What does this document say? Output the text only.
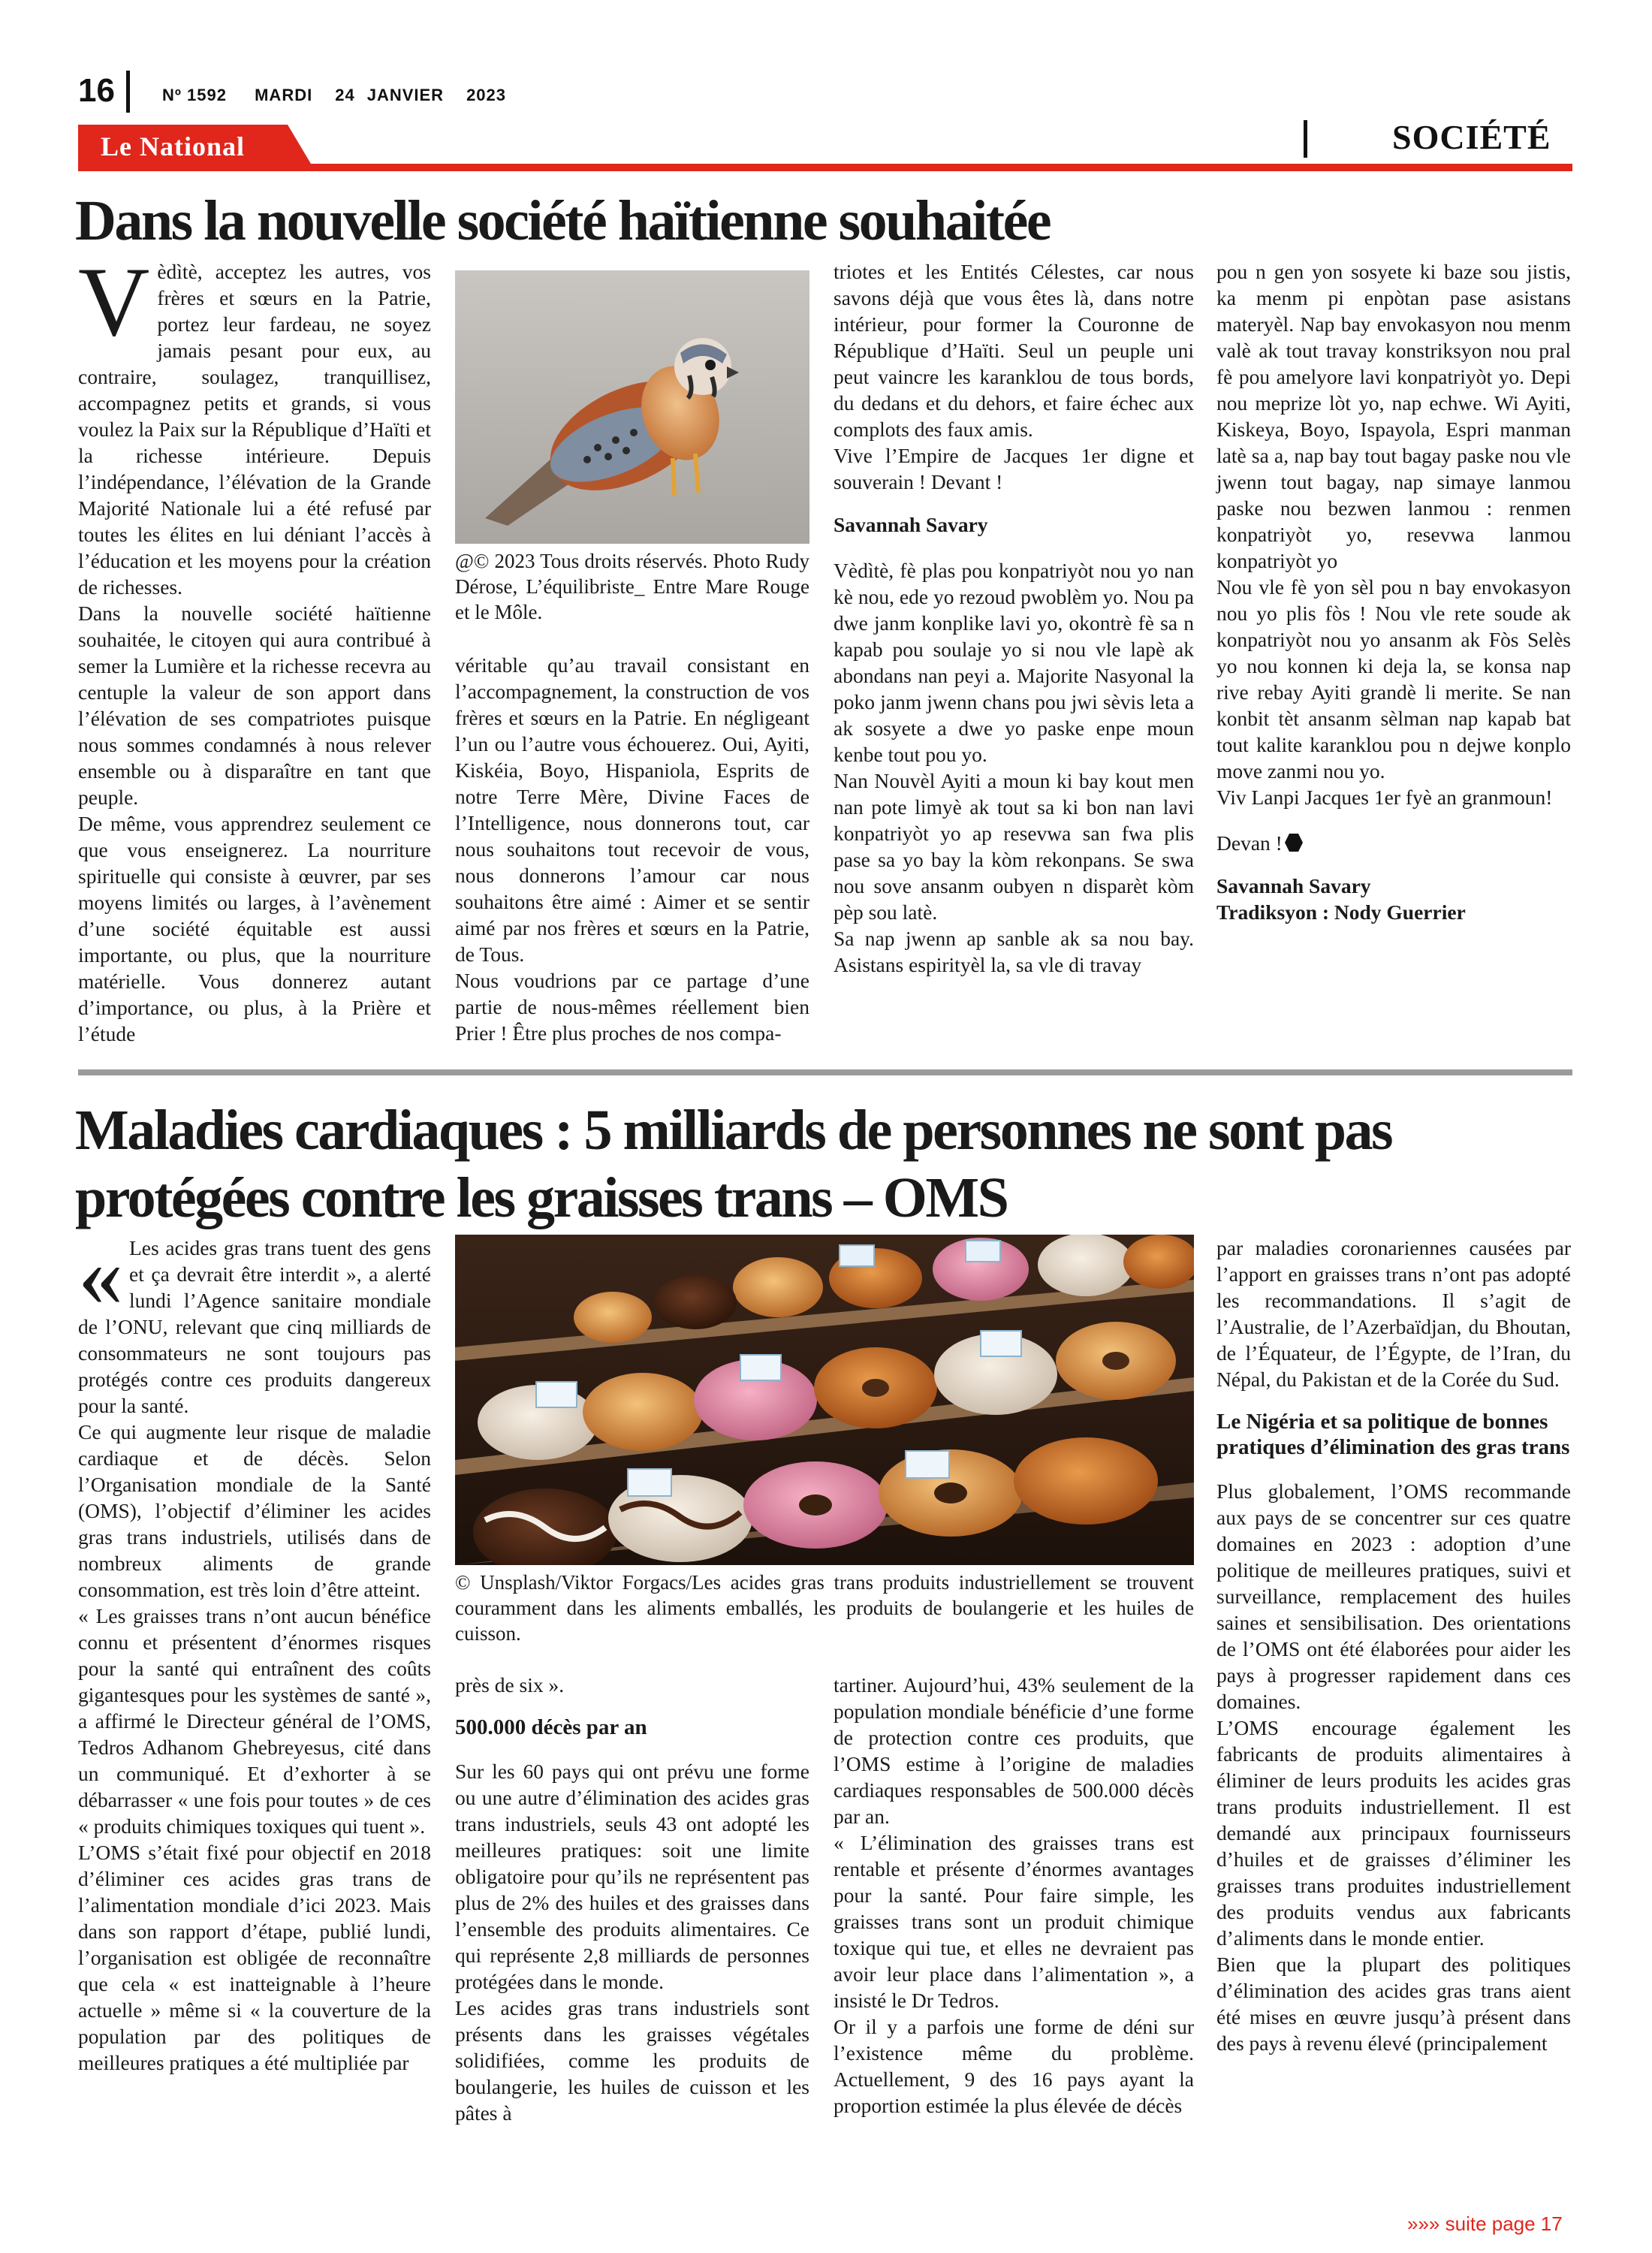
16	Nº 1592 MARDI 24 JANVIER 2023
Le National	SOCIÉTÉ
Dans la nouvelle société haïtienne souhaitée

Vèdìtè, acceptez les autres, vos frères et sœurs en la Patrie, portez leur fardeau, ne soyez jamais pesant pour eux, au contraire, soulagez, tranquillisez, accompagnez petits et grands, si vous voulez la Paix sur la République d’Haïti et la richesse intérieure. Depuis l’indépendance, l’élévation de la Grande Majorité Nationale lui a été refusé par toutes les élites en lui déniant l’accès à l’éducation et les moyens pour la création de richesses.

Dans la nouvelle société haïtienne souhaitée, le citoyen qui aura contribué à semer la Lumière et la richesse recevra au centuple la valeur de son apport dans l’élévation de ses compatriotes puisque nous sommes condamnés à nous relever ensemble ou à disparaître en tant que peuple.

De même, vous apprendrez seulement ce que vous enseignerez. La nourriture spirituelle qui consiste à œuvrer, par ses moyens limités ou larges, à l’avènement d’une société équitable est aussi importante, ou plus, que la nourriture matérielle. Vous donnerez autant d’importance, ou plus, à la Prière et l’étude

@© 2023 Tous droits réservés. Photo Rudy Dérose, L’équilibriste_ Entre Mare Rouge et le Môle.

véritable qu’au travail consistant en l’accompagnement, la construction de vos frères et sœurs en la Patrie. En négligeant l’un ou l’autre vous échouerez. Oui, Ayiti, Kiskéia, Boyo, Hispaniola, Esprits de notre Terre Mère, Divine Faces de l’Intelligence, nous donnerons tout, car nous souhaitons tout recevoir de vous, nous donnerons l’amour car nous souhaitons être aimé : Aimer et se sentir aimé par nos frères et sœurs en la Patrie, de Tous.

Nous voudrions par ce partage d’une partie de nous-mêmes réellement bien Prier ! Être plus proches de nos compa-

triotes et les Entités Célestes, car nous savons déjà que vous êtes là, dans notre intérieur, pour former la Couronne de République d’Haïti. Seul un peuple uni peut vaincre les karanklou de tous bords, du dedans et du dehors, et faire échec aux complots des faux amis.

Vive l’Empire de Jacques 1er digne et souverain ! Devant !

Savannah Savary

Vèdìtè, fè plas pou konpatriyòt nou yo nan kè nou, ede yo rezoud pwoblèm yo. Nou pa dwe janm konplike lavi yo, okontrè fè sa n kapab pou soulaje yo si nou vle lapè ak abondans nan peyi a. Majorite Nasyonal la poko janm jwenn chans pou jwi sèvis leta a ak sosyete a dwe yo paske enpe moun kenbe tout pou yo.

Nan Nouvèl Ayiti a moun ki bay kout men nan pote limyè ak tout sa ki bon nan lavi konpatriyòt yo ap resevwa san fwa plis pase sa yo bay la kòm rekonpans. Se swa nou sove ansanm oubyen n disparèt kòm pèp sou latè.

Sa nap jwenn ap sanble ak sa nou bay. Asistans espirityèl la, sa vle di travay

pou n gen yon sosyete ki baze sou jistis, ka menm pi enpòtan pase asistans materyèl. Nap bay envokasyon nou menm valè ak tout travay konstriksyon nou pral fè pou amelyore lavi konpatriyòt yo. Depi nou meprize lòt yo, nap echwe. Wi Ayiti, Kiskeya, Boyo, Ispayola, Espri manman latè sa a, nap bay tout bagay paske nou vle jwenn tout bagay, nap simaye lanmou paske nou bezwen lanmou : renmen konpatriyòt yo, resevwa lanmou konpatriyòt yo

Nou vle fè yon sèl pou n bay envokasyon nou yo plis fòs ! Nou vle rete soude ak konpatriyòt nou yo ansanm ak Fòs Selès yo nou konnen ki deja la, se konsa nap rive rebay Ayiti grandè li merite. Se nan konbit tèt ansanm sèlman nap kapab bat tout kalite karanklou pou n dejwe konplo move zanmi nou yo.

Viv Lanpi Jacques 1er fyè an granmoun!

Devan !

Savannah Savary

Tradiksyon : Nody Guerrier

Maladies cardiaques : 5 milliards de personnes ne sont pas protégées contre les graisses trans – OMS

« Les acides gras trans tuent des gens et ça devrait être interdit », a alerté lundi l’Agence sanitaire mondiale de l’ONU, relevant que cinq milliards de consommateurs ne sont toujours pas protégés contre ces produits dangereux pour la santé.

Ce qui augmente leur risque de maladie cardiaque et de décès. Selon l’Organisation mondiale de la Santé (OMS), l’objectif d’éliminer les acides gras trans industriels, utilisés dans de nombreux aliments de grande consommation, est très loin d’être atteint.

« Les graisses trans n’ont aucun bénéfice connu et présentent d’énormes risques pour la santé qui entraînent des coûts gigantesques pour les systèmes de santé », a affirmé le Directeur général de l’OMS, Tedros Adhanom Ghebreyesus, cité dans un communiqué. Et d’exhorter à se débarrasser « une fois pour toutes » de ces « produits chimiques toxiques qui tuent ».

L’OMS s’était fixé pour objectif en 2018 d’éliminer ces acides gras trans de l’alimentation mondiale d’ici 2023. Mais dans son rapport d’étape, publié lundi, l’organisation est obligée de reconnaître que cela « est inatteignable à l’heure actuelle » même si « la couverture de la population par des politiques de meilleures pratiques a été multipliée par

© Unsplash/Viktor Forgacs/Les acides gras trans produits industriellement se trouvent couramment dans les aliments emballés, les produits de boulangerie et les huiles de cuisson.

près de six ».

500.000 décès par an

Sur les 60 pays qui ont prévu une forme ou une autre d’élimination des acides gras trans industriels, seuls 43 ont adopté les meilleures pratiques: soit une limite obligatoire pour qu’ils ne représentent pas plus de 2% des huiles et des graisses dans l’ensemble des produits alimentaires. Ce qui représente 2,8 milliards de personnes protégées dans le monde.

Les acides gras trans industriels sont présents dans les graisses végétales solidifiées, comme les produits de boulangerie, les huiles de cuisson et les pâtes à

tartiner. Aujourd’hui, 43% seulement de la population mondiale bénéficie d’une forme de protection contre ces produits, que l’OMS estime à l’origine de maladies cardiaques responsables de 500.000 décès par an.

« L’élimination des graisses trans est rentable et présente d’énormes avantages pour la santé. Pour faire simple, les graisses trans sont un produit chimique toxique qui tue, et elles ne devraient pas avoir leur place dans l’alimentation », a insisté le Dr Tedros.

Or il y a parfois une forme de déni sur l’existence même du problème. Actuellement, 9 des 16 pays ayant la proportion estimée la plus élevée de décès

par maladies coronariennes causées par l’apport en graisses trans n’ont pas adopté les recommandations. Il s’agit de l’Australie, de l’Azerbaïdjan, du Bhoutan, de l’Équateur, de l’Égypte, de l’Iran, du Népal, du Pakistan et de la Corée du Sud.

Le Nigéria et sa politique de bonnes pratiques d’élimination des gras trans

Plus globalement, l’OMS recommande aux pays de se concentrer sur ces quatre domaines en 2023 : adoption d’une politique de meilleures pratiques, suivi et surveillance, remplacement des huiles saines et sensibilisation. Des orientations de l’OMS ont été élaborées pour aider les pays à progresser rapidement dans ces domaines.

L’OMS encourage également les fabricants de produits alimentaires à éliminer de leurs produits les acides gras trans produits industriellement. Il est demandé aux principaux fournisseurs d’huiles et de graisses d’éliminer les graisses trans produites industriellement des produits vendus aux fabricants d’aliments dans le monde entier.

Bien que la plupart des politiques d’élimination des acides gras trans aient été mises en œuvre jusqu’à présent dans des pays à revenu élevé (principalement

»»» suite page 17
